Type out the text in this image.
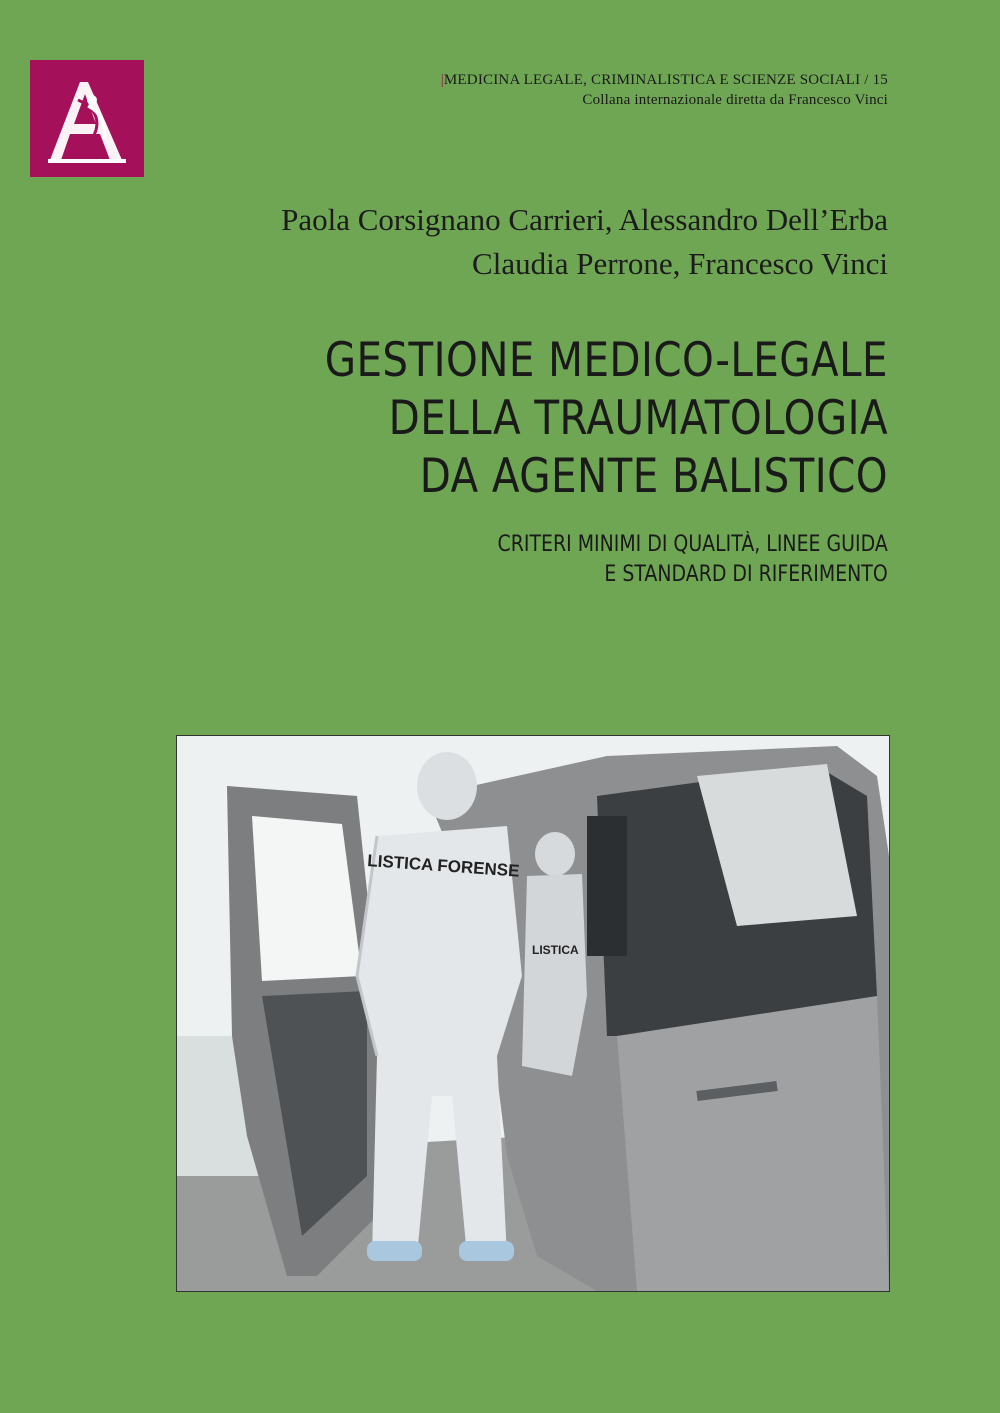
|MEDICINA LEGALE, CRIMINALISTICA E SCIENZE SOCIALI / 15
Collana internazionale diretta da Francesco Vinci
Paola Corsignano Carrieri, Alessandro Dell’Erba
Claudia Perrone, Francesco Vinci
GESTIONE MEDICO-LEGALE
DELLA TRAUMATOLOGIA
DA AGENTE BALISTICO
CRITERI MINIMI DI QUALITÀ, LINEE GUIDA
E STANDARD DI RIFERIMENTO
LISTICA FORENSE
LISTICA
